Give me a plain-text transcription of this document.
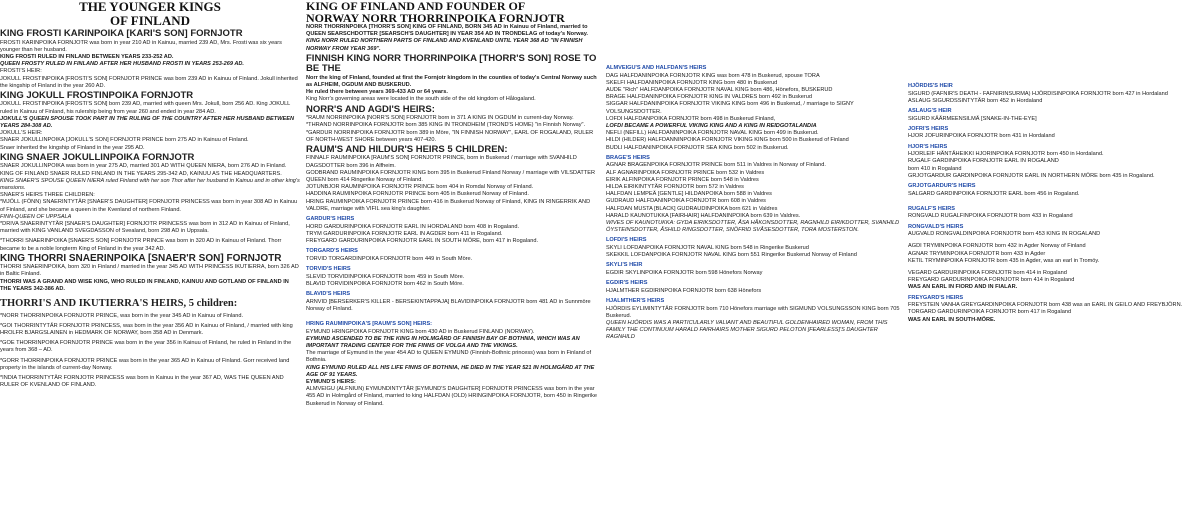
THE YOUNGER KINGS

OF FINLAND

KING FROSTI KARINPOIKA [KARI'S SON] FORNJOTR

FROSTI KARINPOIKA FORNJOTR was born in year 210 AD in Kainuu, married 239 AD, Mrs. Frosti was six years younger than her husband.

KING FROSTI RULED IN FINLAND BETWEEN YEARS 233-252 AD.

QUEEN FROSTY RULED IN FINLAND AFTER HER HUSBAND FROSTI IN YEARS 253-269 AD.

FROSTI'S HEIR:

JOKULL FROSTINPOIKA [FROSTI'S SON] FORNJOTR PRINCE was born 239 AD in Kainuu of Finland. Jokull inherited the kingship of Finland in the year 260 AD.

KING JOKULL FROSTINPOIKA FORNJOTR

JOKULL FROSTINPOIKA [FROSTI'S SON] born 239 AD, married with queen Mrs. Jokull, born 256 AD. King JOKULL ruled in Kainuu of Finland, his rulership being from year 260 and ended in year 284 AD.

JOKULL'S QUEEN SPOUSE TOOK PART IN THE RULING OF THE COUNTRY AFTER HER HUSBAND BETWEEN YEARS 284-308 AD.

JOKULL'S HEIR:

SNAER JOKULLINPOIKA [JOKULL'S SON] FORNJOTR PRINCE born 275 AD in Kainuu of Finland.

Snaer inherited the kingship of Finland in the year 295 AD.

KING SNAER JOKULLINPOIKA FORNJOTR

SNAER JOKULLINPOIKA was born in year 275 AD, married 301 AD WITH QUEEN NIERA, born 276 AD in Finland.

KING OF FINLAND SNAER RULED FINLAND IN THE YEARS 295-342 AD, KAINUU AS THE HEADQUARTERS.

KING SNAER'S SPOUSE QUEEN NIERA ruled Finland with her son Thor after her husband in Kainuu and in other king's mansions.

SNAER'S HEIRS THREE CHILDREN:

*MJÖLL (FÖNN) SNAERINTYTÄR [SNAER'S DAUGHTER] FORNJOTR PRINCESS was born in year 308 AD in Kainuu of Finland, and she became a queen in the Kvenland of northern Finland.

FINN-QUEEN OF UPPSALA

*DRIVA SNAERINTYTÄR [SNAER'S DAUGHTER] FORNJOTR PRINCESS was born in 312 AD in Kainuu of Finland, married with KING VANLAND SVEGDASSON of Svealand, born 298 AD in Uppsala.

*THORRI SNAERINPOIKA [SNAER'S SON] FORNJOTR PRINCE was born in 320 AD in Kainuu of Finland. Thorr became to be a noble longterm King of Finland in the year 342 AD.

KING THORRI SNAERINPOIKA [SNAER'R SON] FORNJOTR

THORRI SNAERINPOIKA, born 320 in Finland / married in the year 345 AD WITH PRINCESS IKUTIERRA, born 326 AD in Baltic Finland.

THORRI WAS A GRAND AND WISE KING, WHO RULED IN FINLAND, KAINUU AND GOTLAND OF FINLAND IN THE YEARS 342-386 AD.

THORRI'S AND IKUTIERRA'S HEIRS, 5 children:

*NORR THORRINPOIKA FORNJOTR PRINCE, was born in the year 345 AD in Kainuu of Finland.

*GOI THORRINTYTÄR FORNJOTR PRINCESS, was born in the year 356 AD in Kainuu of Finland, / married with king HROLFR BJARGSLAINEN in HEDMARK OF NORWAY, born 358 AD in Denmark.

*GOE THORRINPOIKA FORNJOTR PRINCE was born in the year 356 in Kainuu of Finland, he ruled in Finland in the years from 368 – AD.

*GORR THORRINPOIKA FORNJOTR PRINCE was born in the year 365 AD in Kainuu of Finland. Gorr received land property in the islands of current-day Norway.

*INDIA THORRINTYTÄR FORNJOTR PRINCESS was born in Kainuu in the year 367 AD, WAS THE QUEEN AND RULER OF KVENLAND OF FINLAND.

KING OF FINLAND AND FOUNDER OF

NORWAY NORR THORRINPOIKA FORNJOTR

NORR THORRINPOIKA [THORR'S SON] KING OF FINLAND, BORN 345 AD in Kainuu of Finland, married to QUEEN SEARSCHDOTTER [SEARSCH'S DAUGHTER] IN YEAR 354 AD IN TRONDELAG of today's Norway.

KING NORR RULED NORTHERN PARTS OF FINLAND AND KVENLAND UNTIL YEAR 368 AD "IN FINNISH NORWAY FROM YEAR 369".

FINNISH KING NORR THORRINPOIKA [THORR'S SON] ROSE TO BE THE

Norr the king of Finland, founded at first the Fornjotr kingdom in the counties of today's Central Norway such as ALFHEIM, OGDUM AND BUSKERUD.

He ruled there between years 369-433 AD or 64 years.

King Norr's governing areas were located in the south side of the old kingdom of Hålogaland.

NORR'S AND AGDI'S HEIRS:

*RAUM NORRINPOIKA [NORR'S SON] FORNJOTR born in 371 A KING IN OGDUM in current-day Norway.

*THRAND NORRINPOIKA FORNJOTR born 385 KING IN TRONDHEIM (TROND'S HOME) "in Finnish Norway".

*GARDUR NORRINPOIKA FORNJOTR born 389 in Möre, "IN FINNISH NORWAY", EARL OF ROGALAND, RULER OF NORTH-WEST SHORE between years 407-420.

RAUM'S AND HILDUR'S HEIRS 5 CHILDREN:

FINNALF RAUMINPOIKA [RAUM'S SON] FORNJOTR PRINCE, born in Buskerud / marriage with SVANHILD DAGSDOTTER born 396 in Alfheim.

GODBRAND RAUMINPOIKA FORNJOTR KING born 395 in Buskerud Finland Norway / marriage with VILSDATTER QUEEN born 414 Ringerike Norway of Finland.

JOTUNBJOR RAUMINPOIKA FORNJOTR PRINCE born 404 in Romdal Norway of Finland.

HADDINA RAUMINPOIKA FORNJOTR PRINCE born 405 in Buskerud Norway of Finland.

HRING RAUMINPOIKA FORNJOTR PRINCE born 416 in Buskerud Norway of Finland, KING IN RINGERRIK AND VALDRE, marriage with VIFIL sea king's daughter.

GARDUR'S HEIRS

HORD GARDURINPOIKA FORNJOTR EARL IN HORDALAND born 408 in Rogaland.

TRYM GARDURINPOIKA FORNJOTR EARL IN AGDER born 411 in Rogaland.

FREYGARD GARDURINPOIKA FORNJOTR EARL IN SOUTH MÖRE, born 417 in Rogaland.

TORGARD'S HEIRS

TORVID TORGARDINPOIKA FORNJOTR born 449 in South Möre.

TORVID'S HEIRS

SLEVID TORVIDINPOIKA FORNJOTR born 459 in South Möre.

BLAVID TORVIDINPOIKA FORNJOTR born 462 in South Möre.

BLAVID'S HEIRS

ARNVID [BERSERKER'S KILLER - BERSEKINTAPPAJA] BLAVIDINPOIKA FORNJOTR born 481 AD in Sunnmöre Norway of Finland.

HRING RAUMINPOIKA'S [RAUM'S SON] HEIRS:

EYMUND HRINGPOIKA FORNJOTR KING born 430 AD in Buskerud FINLAND (NORWAY).

EYMUND ASCENDED TO BE THE KING IN HOLMGÅRD OF FINNISH BAY OF BOTHNIA, WHICH WAS AN IMPORTANT TRADING CENTER FOR THE FINNS OF VOLGA AND THE VIKINGS.

The marriage of Eymund in the year 454 AD to QUEEN EYMUND (Finnish-Bothnic princess) was born in Finland of Bothnia.

KING EYMUND RULED ALL HIS LIFE FINNS OF BOTHNIA, HE DIED IN THE YEAR 521 IN HOLMGÅRD AT THE AGE OF 91 YEARS.

EYMUND'S HEIRS:

ALMVEIGU (ALFNIUN) EYMUNDINTYTÄR [EYMUND'S DAUGHTER] FORNJOTR PRINCESS was born in the year 455 AD in Holmgård of Finland, married to king HALFDAN (OLD) HRINGINPOIKA FORNJOTR, born 450 in Ringerike Buskerud in Norway of Finland.

ALMVEIGU'S AND HALFDAN'S HEIRS

DAG HALFDANINPOIKA FORNJOTR KING was born 478 in Buskerud, spouse TORA

SKELFI HALFDANINPOIKA FORNJOTR KING born 480 in Buskerud

AUDE "Rich" HALFDANPOIKA FORNJOTR NAVAL KING born 486, Hönefors, BUSKERUD

BRAGE HALFDANINPOIKA FORNJOTR KING IN VALDRES born 492 in Buskerud

SIGGAR HALFDANINPOIKA FORNJOTR VIKING KING born 496 in Buskerud, / marriage to SIGNY VOLSUNGSDOTTER.

LOFDI HALFDANPOIKA FORNJOTR born 498 in Buskerud Finland,

LOFDI BECAME A POWERFUL VIKING KING AND A KING IN REIDGOTALANDIA

NEFLI (NEFILL) HALFDANINPOIKA FORNJOTR NAVAL KING born 499 in Buskerud.

HILDI (HILDER) HALFDANNINPOIKA FORNJOTR VIKING KING born 500 in Buskerud of Finland

BUDLI HALFDANINPOIKA FORNJOTR SEA KING born 502 in Buskerud.

BRAGE'S HEIRS

AGNAR BRAGENPOIKA FORNJOTR PRINCE born 511 in Valdres in Norway of Finland.

ALF AGNARINPOIKA FORNJOTR PRINCE born 532 in Valdres

EIRIK ALFINPOIKA FORNJOTR PRINCE born 548 in Valdres

HILDA EIRIKINTYTÄR FORNJOTR born 572 in Valdres

HALFDAN LEMPEÄ [GENTLE] HILDANPOIKA born 588 in Valdres

GUDRAUD HALFDANINPOIKA FORNJOTR born 608 in Valdres

HALFDAN MUSTA [BLACK] GUDRAUDINPOIKA born 621 in Valdres

HARALD KAUNOTUKKA [FAIRHAIR] HALFDANINPOIKA born 639 in Valdres.

WIVES OF KAUNOTUKKA: GYDA EIRIKSDOTTER, ÅSA HÅKONSDOTTER, RAGNHILD EIRIKDOTTER, SVANHILD ÖYSTEINSDOTTER, ÅSHILD RINGSDOTTER, SNÖFRID SVÅSESDOTTER, TORA MOSTERSTON.

LOFDI'S HEIRS

SKYLI LOFDANPOIKA FORNJOTR NAVAL KING born 548 in Ringerike Buskerud

SKEKKIL LOFDANPOIKA FORNJOTR NAVAL KING born 551 Ringerike Buskerud Norway of Finland

SKYLI'S HEIR

EGDIR SKYLINPOIKA FORNJOTR born 598 Hönefors Norway

EGDIR'S HEIRS

HJALMTHER EGDIRINPOIKA FORNJOTR born 638 Hönefors

HJALMTHER'S HEIRS

HJÖRDIS EYLIMINTYTÄR FORNJOTR born 710 Hönefors marriage with SIGMUND VOLSUNGSSON KING born 705 Buskerud.

QUEEN HJÖRDIS WAS A PARTICULARLY VALIANT AND BEAUTIFUL GOLDENHAIRED WOMAN, FROM THIS FAMILY THE CONTINUUM HARALD FAIRHAIRS MOTHER SIGURD PELOTON [FEARLESS]'S DAUGHTER RAGNHILD

HJÖRDIS'S HEIR

SIGURD (FAFNIR'S DEATH - FAFNIRINSURMA) HJÖRDISINPOIKA FORNJOTR born 427 in Hordaland

ASLAUG SIGURDSSINTYTÄR born 452 in Hordaland

ASLAUG'S HEIR

SIGURD KÄÄRMEENSILMÄ [SNAKE-IN-THE-EYE]

JOFRI'S HEIRS

HJOR JOFURINPOIKA FORNJOTR born 431 in Hordaland

HJOR'S HEIRS

HJORLEIF HÄNTÄHEIKKI HJORINPOIKA FORNJOTR born 450 in Hordaland.

RUGALF GARDINPOIKA FORNJOTR EARL IN ROGALAND

born 410 in Rogaland

GRJOTGARDUR GARDINPOIKA FORNJOTR EARL IN NORTHERN MÖRE born 435 in Rogaland.

GRJOTGARDUR'S HEIRS

SALGARD GARDINPOIKA FORNJOTR EARL born 456 in Rogaland.

RUGALF'S HEIRS

RONGVALD RUGALFINPOIKA FORNJOTR born 433 in Rogaland

RONGVALD'S HEIRS

AUGVALD RONGVALDINPOIKA FORNJOTR born 453 KING IN ROGALAND

AGDI TRYMINPOIKA FORNJOTR born 432 in Agder Norway of Finland

AGNAR TRYMINPOIKA FORNJOTR born 433 in Agder

KETIL TRYMINPOIKA FORNJOTR born 435 in Agder, was an earl in Tromöy.

VEGARD GARDURINPOIKA FORNJOTR born 414 in Rogaland

FREYGARD GARDURINPOIKA FORNJOTR born 414 in Rogaland

WAS AN EARL IN FIORD AND IN FIALAR.

FREYGARD'S HEIRS

FREYSTEIN VANHA GREYGARDINPOIKA FORNJOTR born 438 was an EARL IN GEILO AND FREYBJÖRN.

TORGARD GARDURINPOIKA FORNJOTR born 417 in Rogaland

WAS AN EARL IN SOUTH-MÖRE.
